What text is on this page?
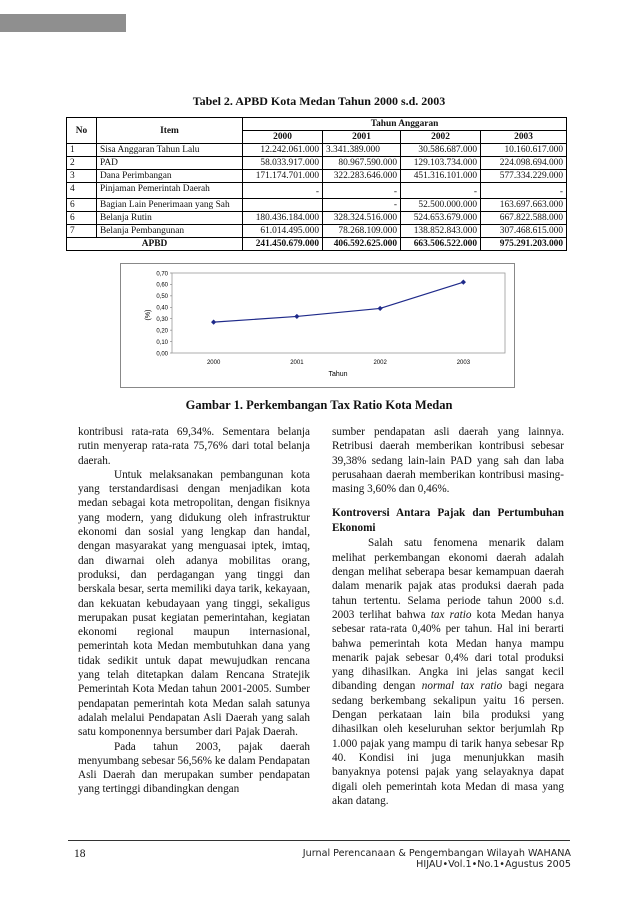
Tabel 2. APBD Kota Medan Tahun 2000 s.d. 2003
No	Item	Tahun Anggaran			
		2000	2001	2002	2003
1	Sisa Anggaran Tahun Lalu	12.242.061.000	3.341.389.000	30.586.687.000	10.160.617.000
2	PAD	58.033.917.000	80.967.590.000	129.103.734.000	224.098.694.000
3	Dana Perimbangan	171.174.701.000	322.283.646.000	451.316.101.000	577.334.229.000
4	Pinjaman Pemerintah Daerah	-	-	-	-
6	Bagian Lain Penerimaan yang Sah		-	52.500.000.000	163.697.663.000
6	Belanja Rutin	180.436.184.000	328.324.516.000	524.653.679.000	667.822.588.000
7	Belanja Pembangunan	61.014.495.000	78.268.109.000	138.852.843.000	307.468.615.000
APBD		241.450.679.000	406.592.625.000	663.506.522.000	975.291.203.000
0,00
0,10
0,20
0,30
0,40
0,50
0,60
0,70
2000	2001	2002	2003
(%)
Tahun
Gambar 1. Perkembangan Tax Ratio Kota Medan

kontribusi rata-rata 69,34%. Sementara belanja rutin menyerap rata-rata 75,76% dari total belanja daerah.

Untuk melaksanakan pembangunan kota yang terstandardisasi dengan menjadikan kota medan sebagai kota metropolitan, dengan fisiknya yang modern, yang didukung oleh infrastruktur ekonomi dan sosial yang lengkap dan handal, dengan masyarakat yang menguasai iptek, imtaq, dan diwarnai oleh adanya mobilitas orang, produksi, dan perdagangan yang tinggi dan berskala besar, serta memiliki daya tarik, kekayaan, dan kekuatan kebudayaan yang tinggi, sekaligus merupakan pusat kegiatan pemerintahan, kegiatan ekonomi regional maupun internasional, pemerintah kota Medan membutuhkan dana yang tidak sedikit untuk dapat mewujudkan rencana yang telah ditetapkan dalam Rencana Stratejik Pemerintah Kota Medan tahun 2001-2005. Sumber pendapatan pemerintah kota Medan salah satunya adalah melalui Pendapatan Asli Daerah yang salah satu komponennya bersumber dari Pajak Daerah.

Pada tahun 2003, pajak daerah menyumbang sebesar 56,56% ke dalam Pendapatan Asli Daerah dan merupakan sumber pendapatan yang tertinggi dibandingkan dengan

sumber pendapatan asli daerah yang lainnya. Retribusi daerah memberikan kontribusi sebesar 39,38% sedang lain-lain PAD yang sah dan laba perusahaan daerah memberikan kontribusi masing-masing 3,60% dan 0,46%.

Kontroversi Antara Pajak dan Pertumbuhan Ekonomi

Salah satu fenomena menarik dalam melihat perkembangan ekonomi daerah adalah dengan melihat seberapa besar kemampuan daerah dalam menarik pajak atas produksi daerah pada tahun tertentu. Selama periode tahun 2000 s.d. 2003 terlihat bahwa tax ratio kota Medan hanya sebesar rata-rata 0,40% per tahun. Hal ini berarti bahwa pemerintah kota Medan hanya mampu menarik pajak sebesar 0,4% dari total produksi yang dihasilkan. Angka ini jelas sangat kecil dibanding dengan normal tax ratio bagi negara sedang berkembang sekalipun yaitu 16 persen. Dengan perkataan lain bila produksi yang dihasilkan oleh keseluruhan sektor berjumlah Rp 1.000 pajak yang mampu di tarik hanya sebesar Rp 40. Kondisi ini juga menunjukkan masih banyaknya potensi pajak yang selayaknya dapat digali oleh pemerintah kota Medan di masa yang akan datang.

18	Jurnal Perencanaan & Pengembangan Wilayah WAHANA HIJAU•Vol.1•No.1•Agustus 2005
